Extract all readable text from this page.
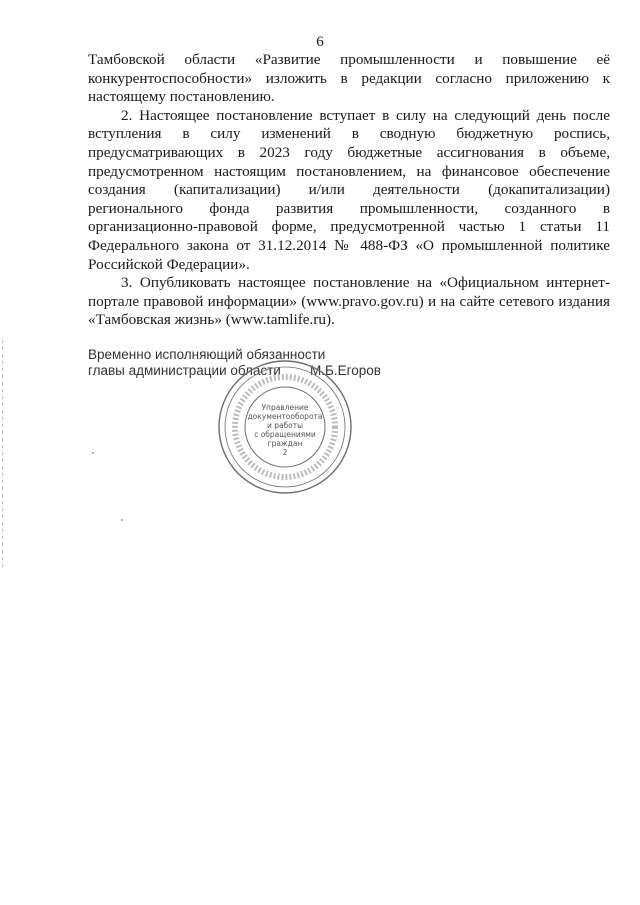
6

Тамбовской области «Развитие промышленности и повышение её конкурентоспособности» изложить в редакции согласно приложению к настоящему постановлению.

2. Настоящее постановление вступает в силу на следующий день после вступления в силу изменений в сводную бюджетную роспись, предусматривающих в 2023 году бюджетные ассигнования в объеме, предусмотренном настоящим постановлением, на финансовое обеспечение создания (капитализации) и/или деятельности (докапитализации) регионального фонда развития промышленности, созданного в организационно-правовой форме, предусмотренной частью 1 статьи 11 Федерального закона от 31.12.2014 № 488-ФЗ «О промышленной политике Российской Федерации».

3. Опубликовать настоящее постановление на «Официальном интернет-портале правовой информации» (www.pravo.gov.ru) и на сайте сетевого издания «Тамбовская жизнь» (www.tamlife.ru).

Временно исполняющий обязанности
главы администрации области	М.Б.Егоров
Управление
документооборота
и работы
с обращениями
граждан
2
